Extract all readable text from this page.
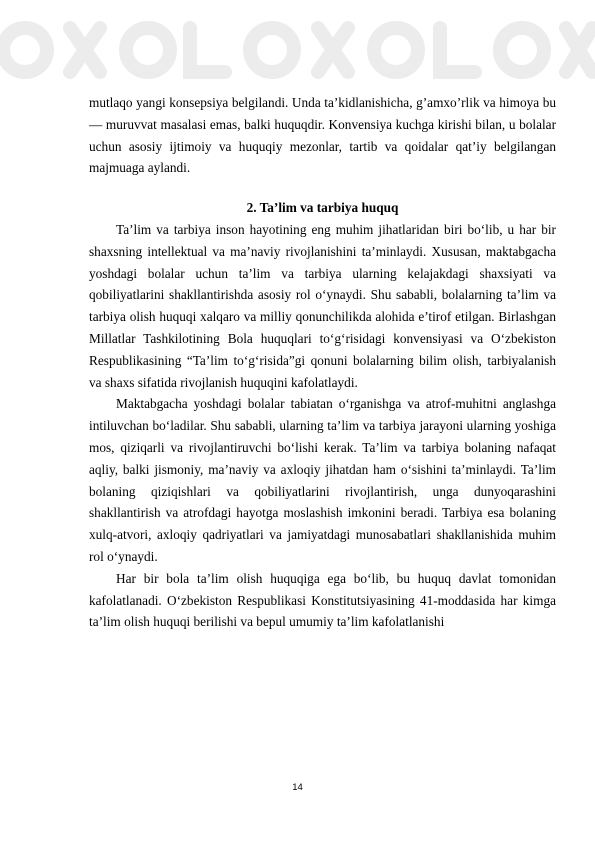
mutlaqo yangi konsepsiya belgilandi. Unda taʼkidlanishicha, gʼamxoʼrlik va himoya bu — muruvvat masalasi emas, balki huquqdir. Konvensiya kuchga kirishi bilan, u bolalar uchun asosiy ijtimoiy va huquqiy mezonlar, tartib va qoidalar qatʼiy belgilangan majmuaga aylandi.

2. Ta’lim va tarbiya huquq

Ta’lim va tarbiya inson hayotining eng muhim jihatlaridan biri bo‘lib, u har bir shaxsning intellektual va ma’naviy rivojlanishini ta’minlaydi. Xususan, maktabgacha yoshdagi bolalar uchun ta’lim va tarbiya ularning kelajakdagi shaxsiyati va qobiliyatlarini shakllantirishda asosiy rol o‘ynaydi. Shu sababli, bolalarning ta’lim va tarbiya olish huquqi xalqaro va milliy qonunchilikda alohida e’tirof etilgan. Birlashgan Millatlar Tashkilotining Bola huquqlari to‘g‘risidagi konvensiyasi va O‘zbekiston Respublikasining “Ta’lim to‘g‘risida”gi qonuni bolalarning bilim olish, tarbiyalanish va shaxs sifatida rivojlanish huquqini kafolatlaydi.

Maktabgacha yoshdagi bolalar tabiatan o‘rganishga va atrof-muhitni anglashga intiluvchan bo‘ladilar. Shu sababli, ularning ta’lim va tarbiya jarayoni ularning yoshiga mos, qiziqarli va rivojlantiruvchi bo‘lishi kerak. Ta’lim va tarbiya bolaning nafaqat aqliy, balki jismoniy, ma’naviy va axloqiy jihatdan ham o‘sishini ta’minlaydi. Ta’lim bolaning qiziqishlari va qobiliyatlarini rivojlantirish, unga dunyoqarashini shakllantirish va atrofdagi hayotga moslashish imkonini beradi. Tarbiya esa bolaning xulq-atvori, axloqiy qadriyatlari va jamiyatdagi munosabatlari shakllanishida muhim rol o‘ynaydi.

Har bir bola ta’lim olish huquqiga ega bo‘lib, bu huquq davlat tomonidan kafolatlanadi. O‘zbekiston Respublikasi Konstitutsiyasining 41-moddasida har kimga ta’lim olish huquqi berilishi va bepul umumiy ta’lim kafolatlanishi

14
